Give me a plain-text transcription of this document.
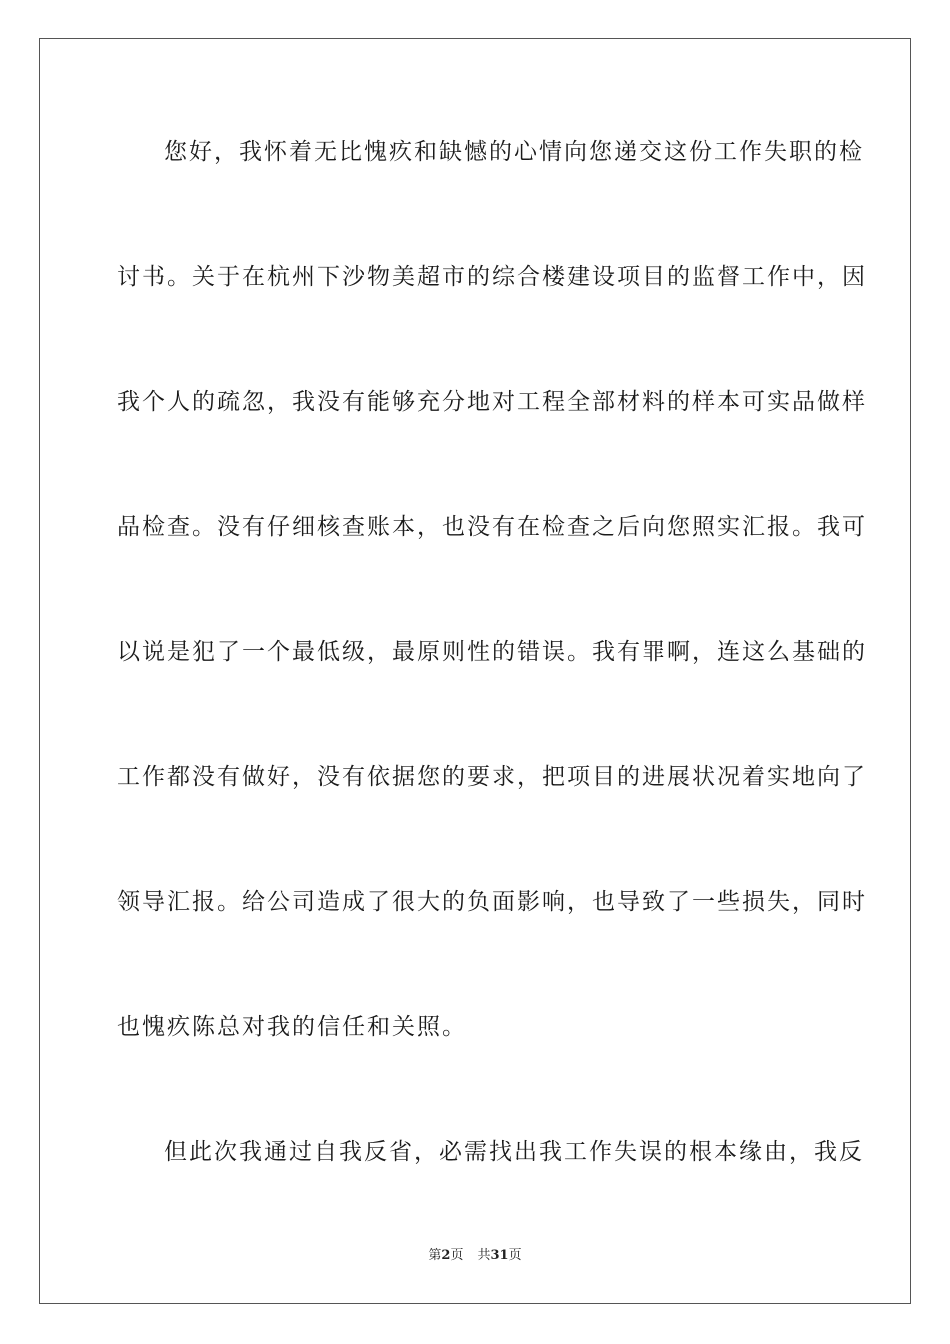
您好，我怀着无比愧疚和缺憾的心情向您递交这份工作失职的检
讨书。关于在杭州下沙物美超市的综合楼建设项目的监督工作中，因
我个人的疏忽，我没有能够充分地对工程全部材料的样本可实品做样
品检查。没有仔细核查账本，也没有在检查之后向您照实汇报。我可
以说是犯了一个最低级，最原则性的错误。我有罪啊，连这么基础的
工作都没有做好，没有依据您的要求，把项目的进展状况着实地向了
领导汇报。给公司造成了很大的负面影响，也导致了一些损失，同时
也愧疚陈总对我的信任和关照。
但此次我通过自我反省，必需找出我工作失误的根本缘由，我反
第2页 共31页
